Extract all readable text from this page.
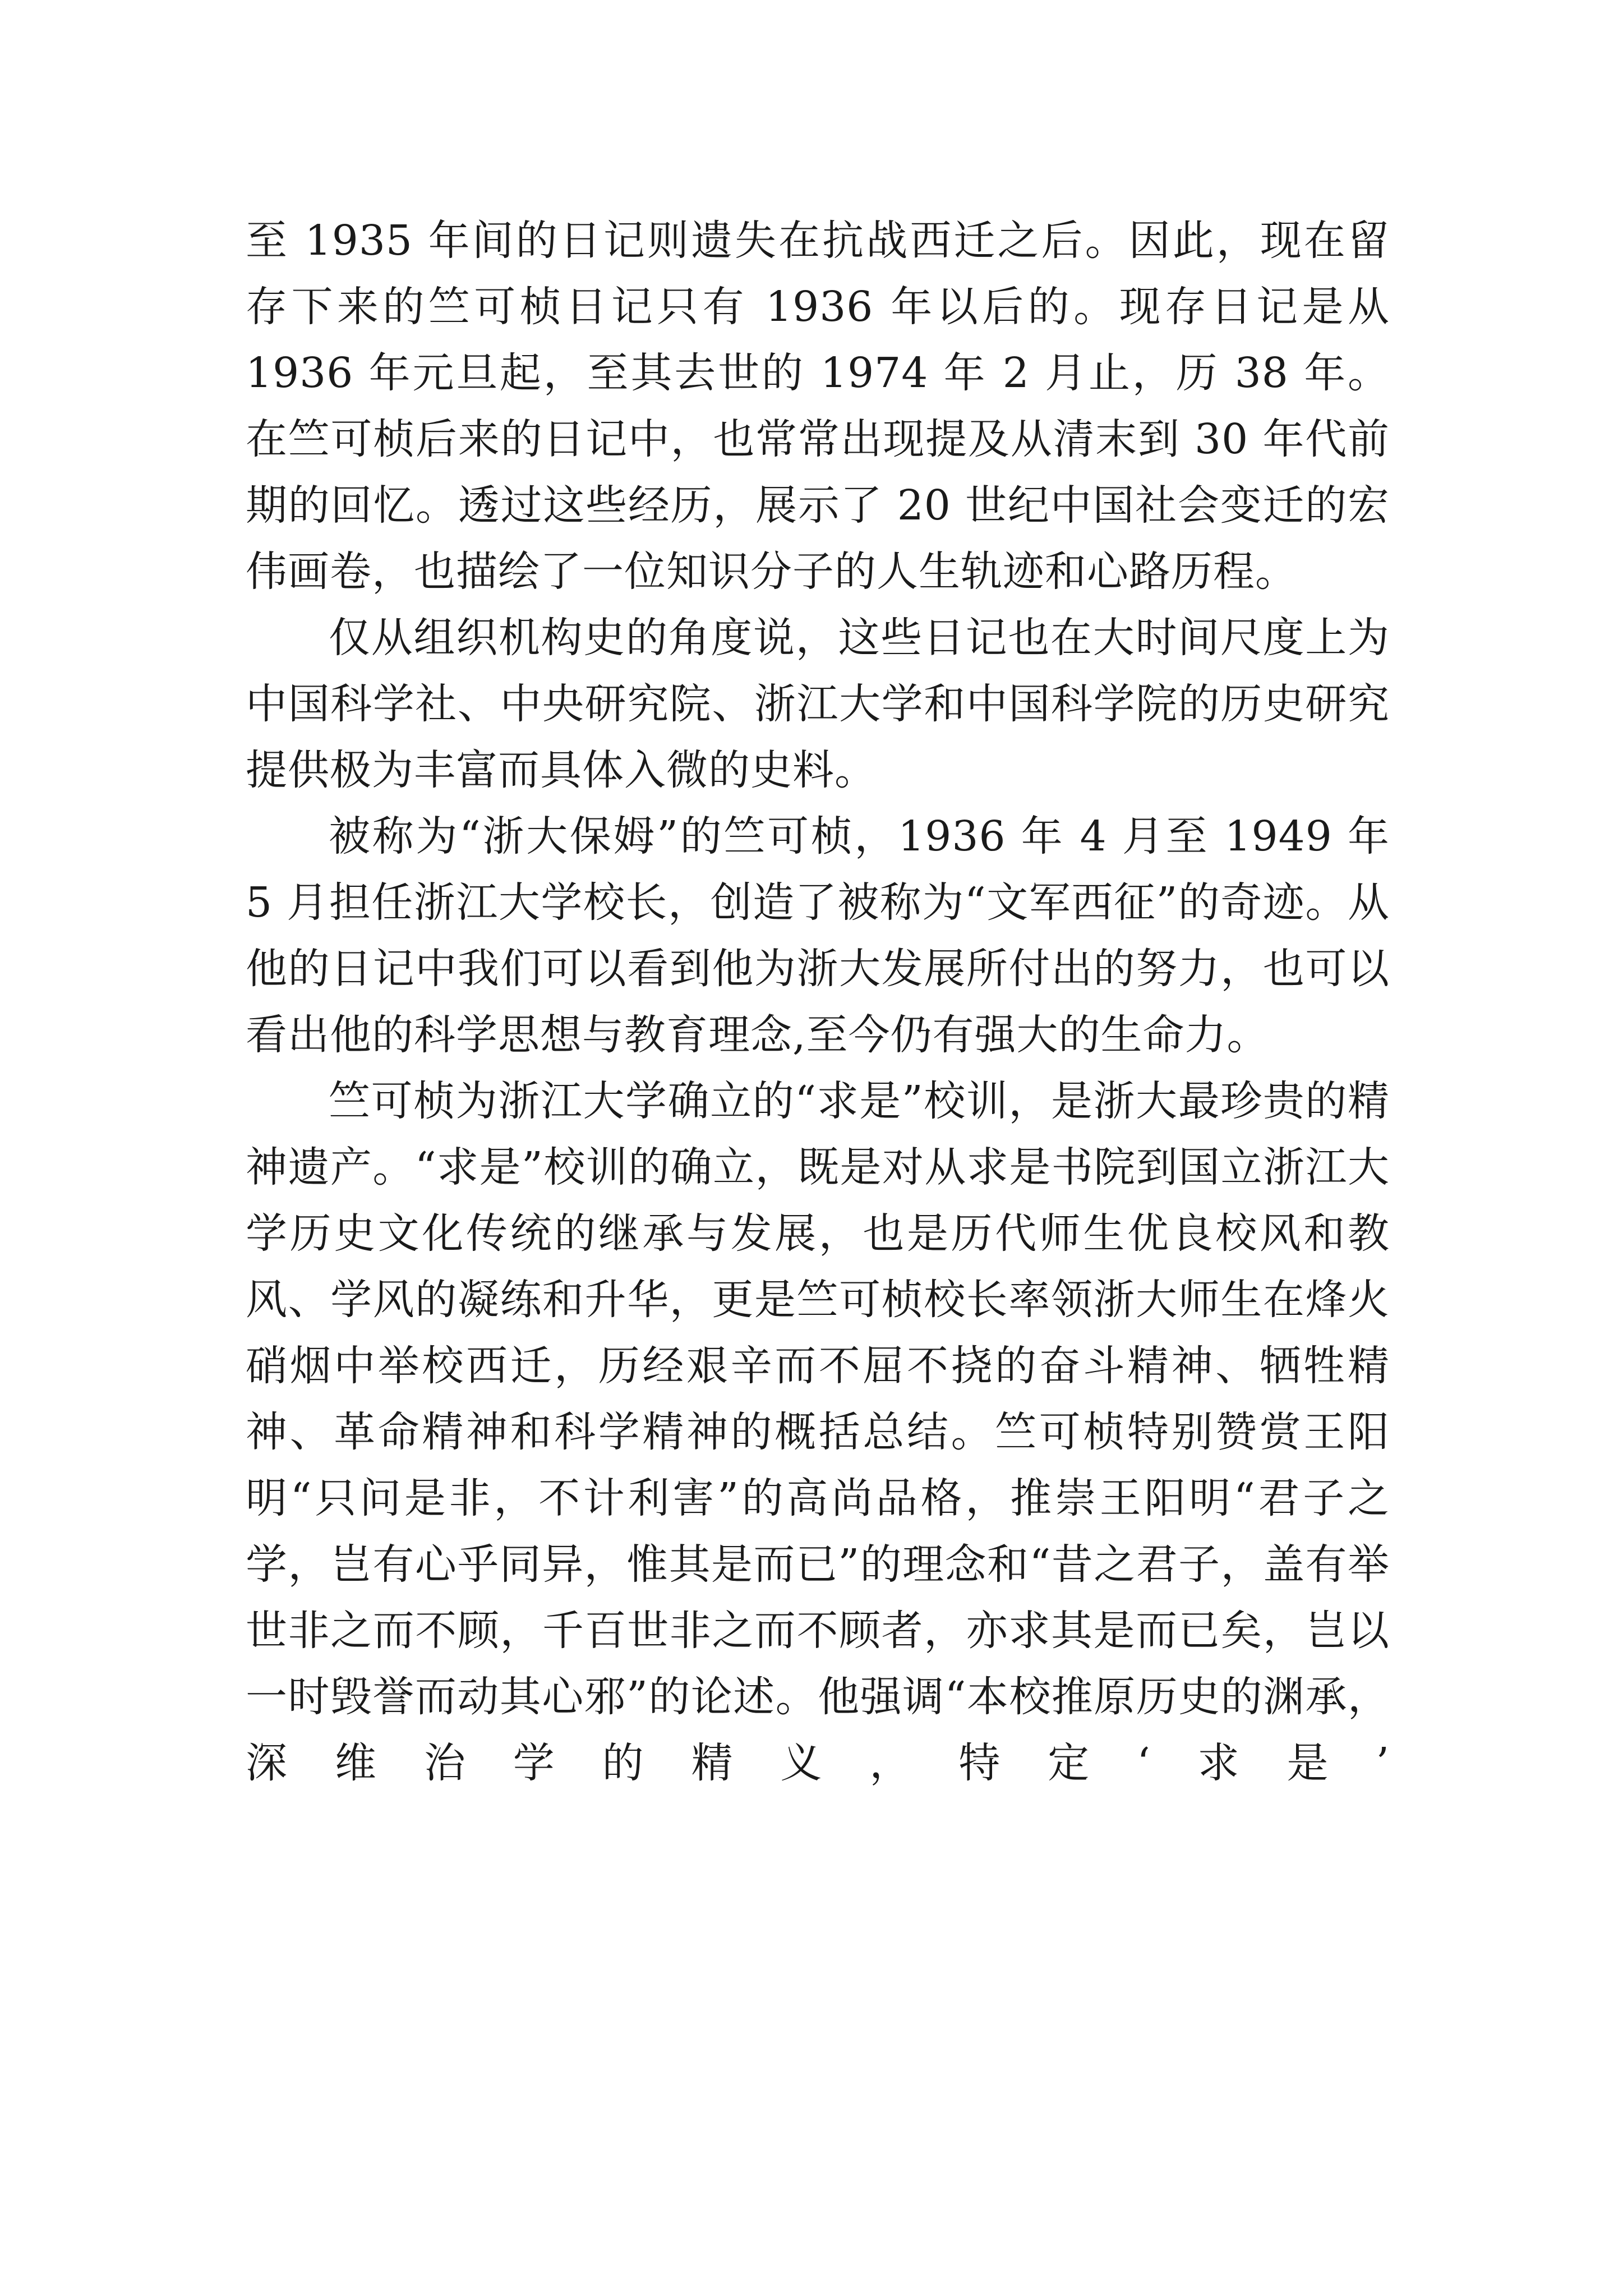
至 1935 年间的日记则遗失在抗战西迁之后。因此，现在留存下来的竺可桢日记只有 1936 年以后的。现存日记是从 1936 年元旦起，至其去世的 1974 年 2 月止，历 38 年。在竺可桢后来的日记中，也常常出现提及从清末到 30 年代前期的回忆。透过这些经历，展示了 20 世纪中国社会变迁的宏伟画卷，也描绘了一位知识分子的人生轨迹和心路历程。

仅从组织机构史的角度说，这些日记也在大时间尺度上为中国科学社、中央研究院、浙江大学和中国科学院的历史研究提供极为丰富而具体入微的史料。

被称为“浙大保姆”的竺可桢，1936 年 4 月至 1949 年 5 月担任浙江大学校长，创造了被称为“文军西征”的奇迹。从他的日记中我们可以看到他为浙大发展所付出的努力，也可以看出他的科学思想与教育理念,至今仍有强大的生命力。

竺可桢为浙江大学确立的“求是”校训，是浙大最珍贵的精神遗产。“求是”校训的确立，既是对从求是书院到国立浙江大学历史文化传统的继承与发展，也是历代师生优良校风和教风、学风的凝练和升华，更是竺可桢校长率领浙大师生在烽火硝烟中举校西迁，历经艰辛而不屈不挠的奋斗精神、牺牲精神、革命精神和科学精神的概括总结。竺可桢特别赞赏王阳明“只问是非，不计利害”的高尚品格，推崇王阳明“君子之学，岂有心乎同异，惟其是而已”的理念和“昔之君子，盖有举世非之而不顾，千百世非之而不顾者，亦求其是而已矣，岂以一时毁誉而动其心邪”的论述。他强调“本校推原历史的渊承，深维治学的精义，特定‘求是’
